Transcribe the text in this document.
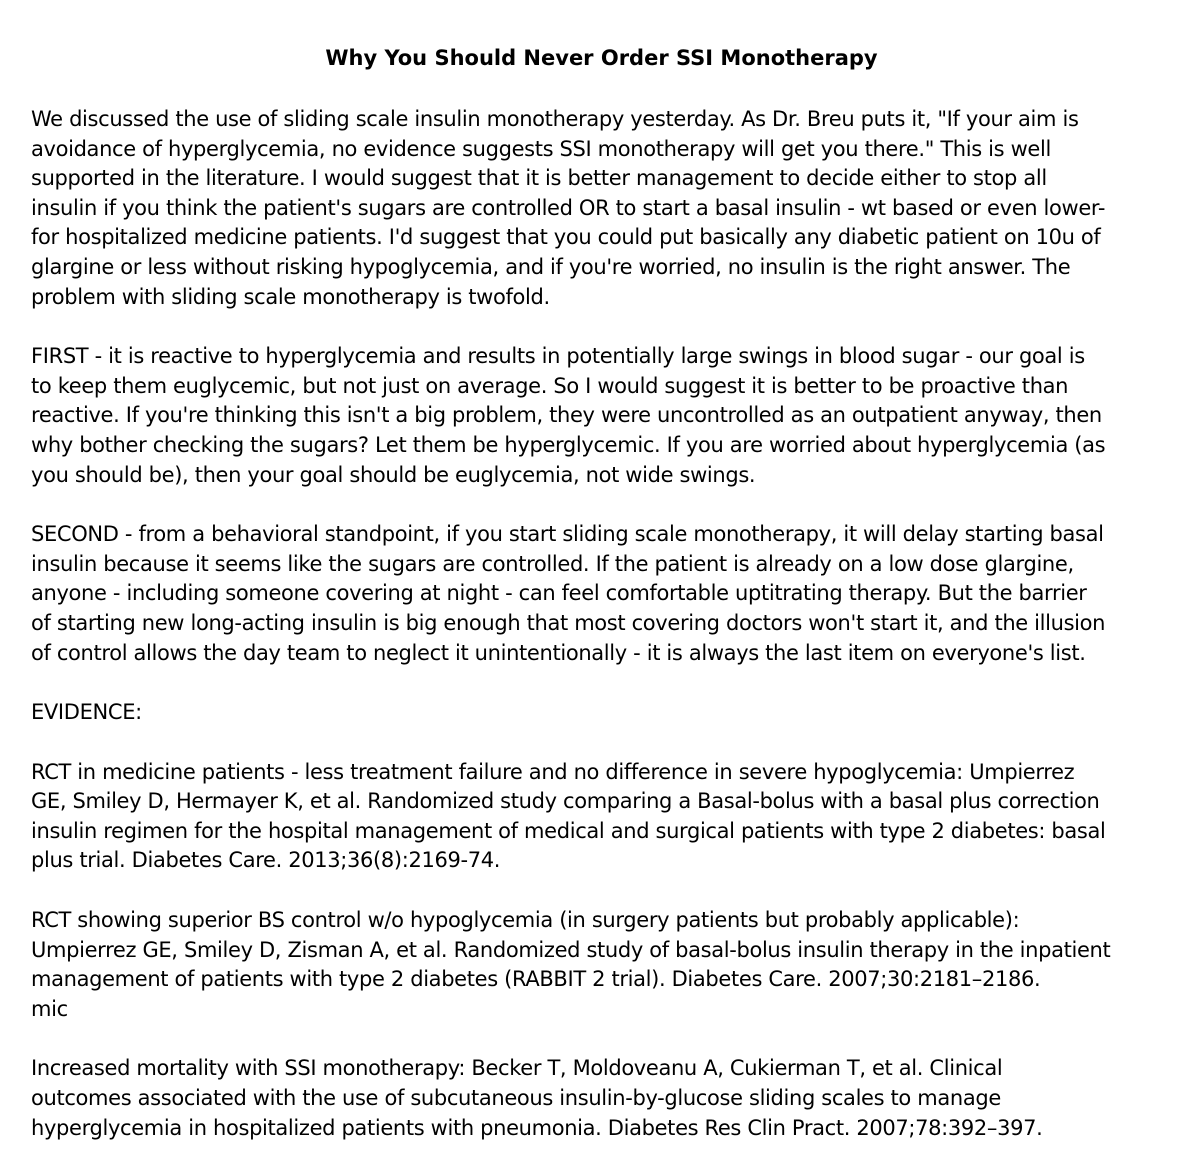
Why You Should Never Order SSI Monotherapy

We discussed the use of sliding scale insulin monotherapy yesterday. As Dr. Breu puts it, "If your aim is
avoidance of hyperglycemia, no evidence suggests SSI monotherapy will get you there." This is well
supported in the literature. I would suggest that it is better management to decide either to stop all
insulin if you think the patient's sugars are controlled OR to start a basal insulin - wt based or even lower-
for hospitalized medicine patients. I'd suggest that you could put basically any diabetic patient on 10u of
glargine or less without risking hypoglycemia, and if you're worried, no insulin is the right answer. The
problem with sliding scale monotherapy is twofold.

FIRST - it is reactive to hyperglycemia and results in potentially large swings in blood sugar - our goal is
to keep them euglycemic, but not just on average. So I would suggest it is better to be proactive than
reactive. If you're thinking this isn't a big problem, they were uncontrolled as an outpatient anyway, then
why bother checking the sugars? Let them be hyperglycemic. If you are worried about hyperglycemia (as
you should be), then your goal should be euglycemia, not wide swings.

SECOND - from a behavioral standpoint, if you start sliding scale monotherapy, it will delay starting basal
insulin because it seems like the sugars are controlled. If the patient is already on a low dose glargine,
anyone - including someone covering at night - can feel comfortable uptitrating therapy. But the barrier
of starting new long-acting insulin is big enough that most covering doctors won't start it, and the illusion
of control allows the day team to neglect it unintentionally - it is always the last item on everyone's list.

EVIDENCE:

RCT in medicine patients - less treatment failure and no difference in severe hypoglycemia: Umpierrez
GE, Smiley D, Hermayer K, et al. Randomized study comparing a Basal-bolus with a basal plus correction
insulin regimen for the hospital management of medical and surgical patients with type 2 diabetes: basal
plus trial. Diabetes Care. 2013;36(8):2169-74.

RCT showing superior BS control w/o hypoglycemia (in surgery patients but probably applicable):
Umpierrez GE, Smiley D, Zisman A, et al. Randomized study of basal-bolus insulin therapy in the inpatient
management of patients with type 2 diabetes (RABBIT 2 trial). Diabetes Care. 2007;30:2181–2186.
mic

Increased mortality with SSI monotherapy: Becker T, Moldoveanu A, Cukierman T, et al. Clinical
outcomes associated with the use of subcutaneous insulin-by-glucose sliding scales to manage
hyperglycemia in hospitalized patients with pneumonia. Diabetes Res Clin Pract. 2007;78:392–397.
